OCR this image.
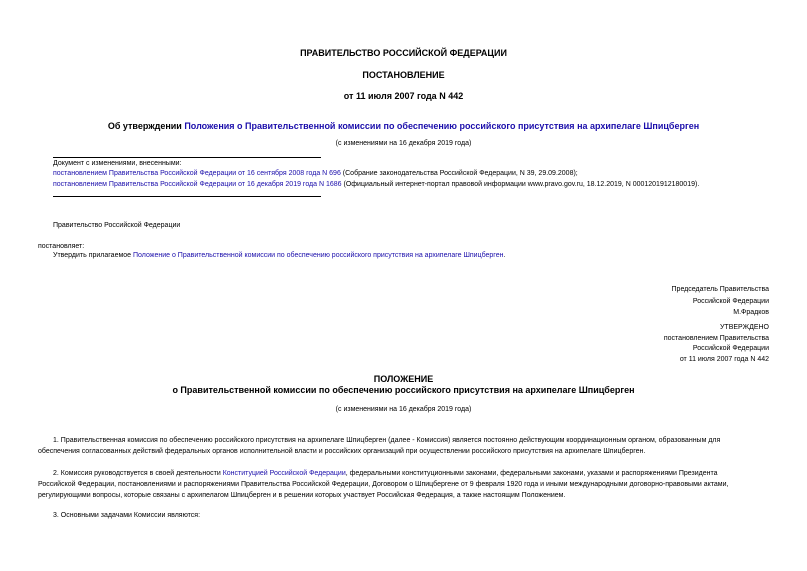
ПРАВИТЕЛЬСТВО РОССИЙСКОЙ ФЕДЕРАЦИИ
ПОСТАНОВЛЕНИЕ
от 11 июля 2007 года N 442
Об утверждении Положения о Правительственной комиссии по обеспечению российского присутствия на архипелаге Шпицберген
(с изменениями на 16 декабря 2019 года)
Документ с изменениями, внесенными:
постановлением Правительства Российской Федерации от 16 сентября 2008 года N 696 (Собрание законодательства Российской Федерации, N 39, 29.09.2008);
постановлением Правительства Российской Федерации от 16 декабря 2019 года N 1686 (Официальный интернет-портал правовой информации www.pravo.gov.ru, 18.12.2019, N 0001201912180019).
Правительство Российской Федерации
постановляет:
Утвердить прилагаемое Положение о Правительственной комиссии по обеспечению российского присутствия на архипелаге Шпицберген.
Председатель Правительства
Российской Федерации
М.Фрадков
УТВЕРЖДЕНО
постановлением Правительства
Российской Федерации
от 11 июля 2007 года N 442
ПОЛОЖЕНИЕ
о Правительственной комиссии по обеспечению российского присутствия на архипелаге Шпицберген
(с изменениями на 16 декабря 2019 года)
1. Правительственная комиссия по обеспечению российского присутствия на архипелаге Шпицберген (далее - Комиссия) является постоянно действующим координационным органом, образованным для
обеспечения согласованных действий федеральных органов исполнительной власти и российских организаций при осуществлении российского присутствия на архипелаге Шпицберген.
2. Комиссия руководствуется в своей деятельности Конституцией Российской Федерации, федеральными конституционными законами, федеральными законами, указами и распоряжениями Президента
Российской Федерации, постановлениями и распоряжениями Правительства Российской Федерации, Договором о Шпицбергене от 9 февраля 1920 года и иными международными договорно-правовыми актами,
регулирующими вопросы, которые связаны с архипелагом Шпицберген и в решении которых участвует Российская Федерация, а также настоящим Положением.
3. Основными задачами Комиссии являются:
